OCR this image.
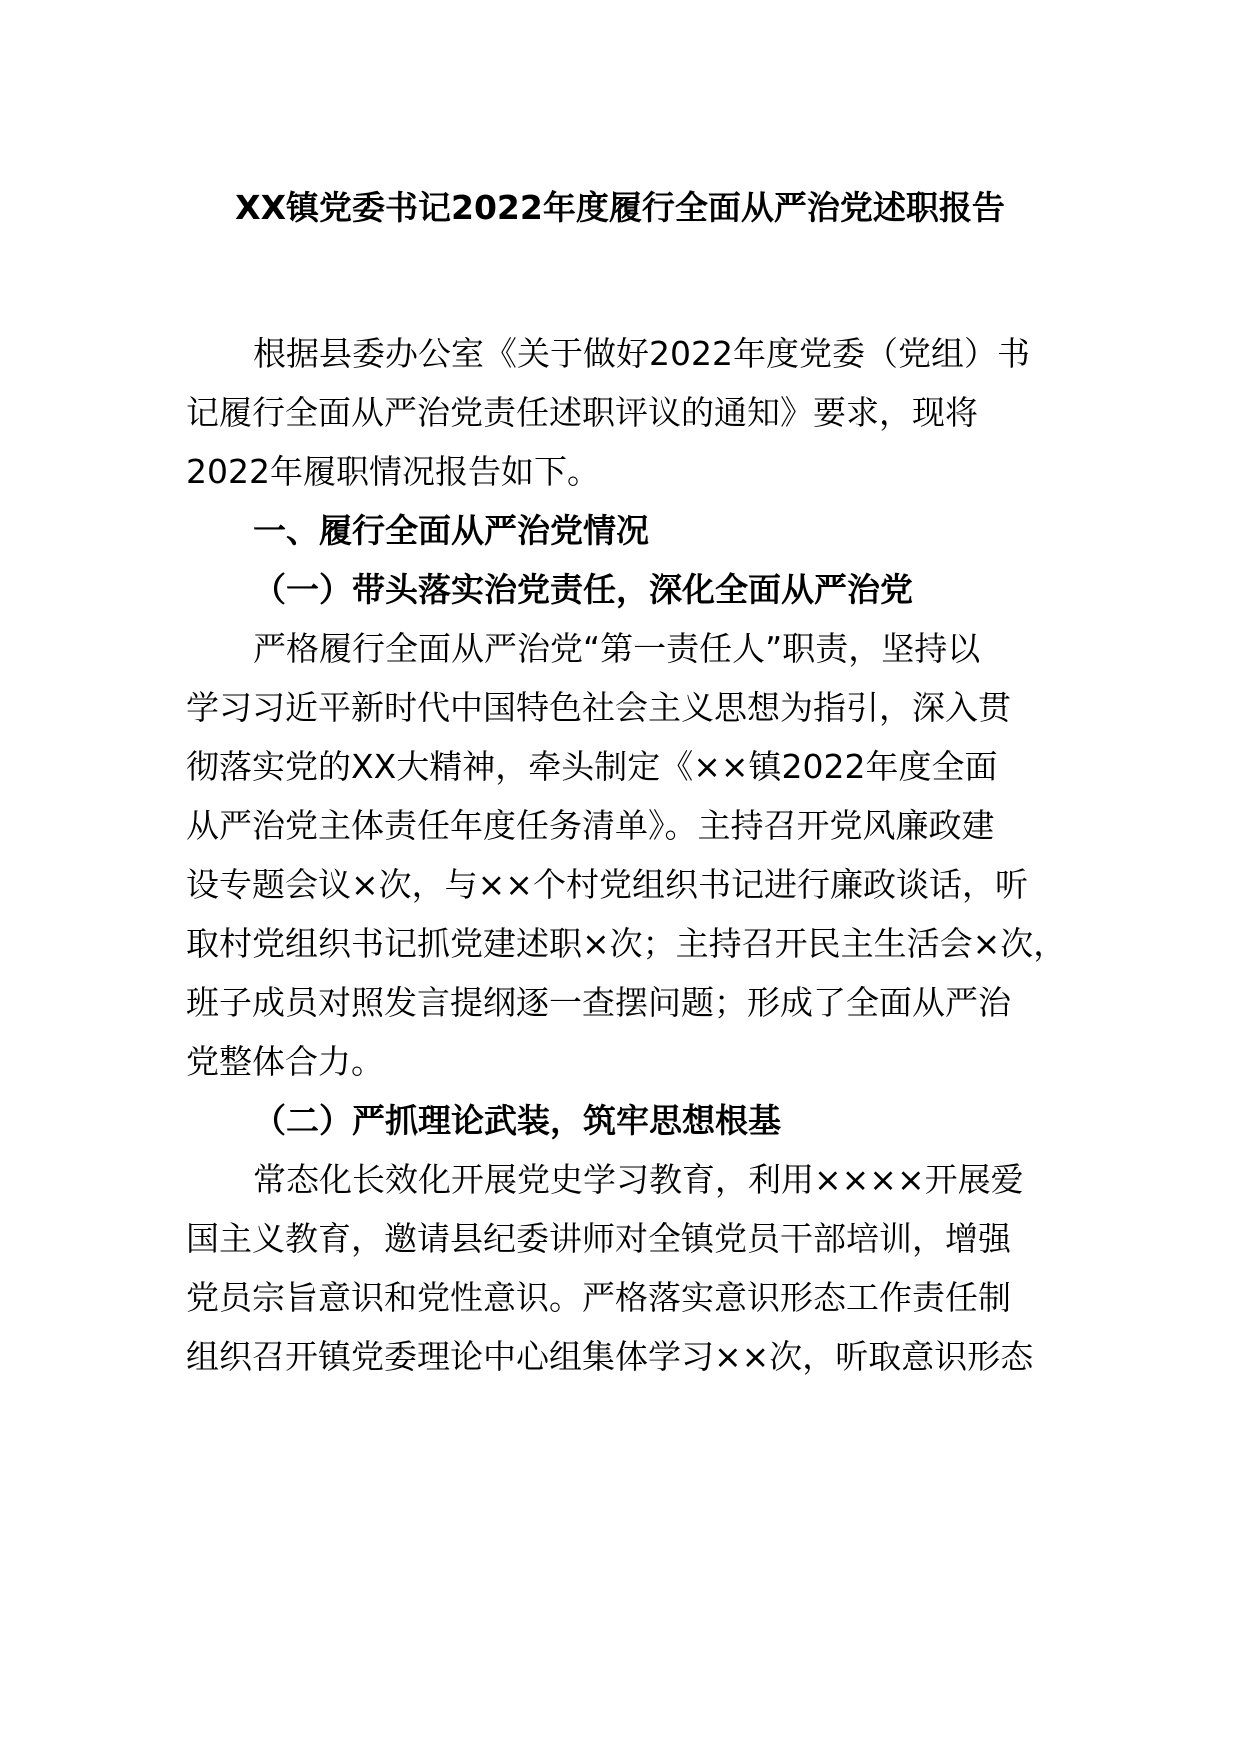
XX镇党委书记2022年度履行全面从严治党述职报告
根据县委办公室《关于做好2022年度党委（党组）书
记履行全面从严治党责任述职评议的通知》要求，现将
2022年履职情况报告如下。
一、履行全面从严治党情况
（一）带头落实治党责任，深化全面从严治党
严格履行全面从严治党“第一责任人”职责，坚持以
学习习近平新时代中国特色社会主义思想为指引，深入贯
彻落实党的XX大精神，牵头制定《××镇2022年度全面
从严治党主体责任年度任务清单》。主持召开党风廉政建
设专题会议×次，与××个村党组织书记进行廉政谈话，听
取村党组织书记抓党建述职×次；主持召开民主生活会×次，
班子成员对照发言提纲逐一查摆问题；形成了全面从严治
党整体合力。
（二）严抓理论武装，筑牢思想根基
常态化长效化开展党史学习教育，利用××××开展爱
国主义教育，邀请县纪委讲师对全镇党员干部培训，增强
党员宗旨意识和党性意识。严格落实意识形态工作责任制
组织召开镇党委理论中心组集体学习××次，听取意识形态
